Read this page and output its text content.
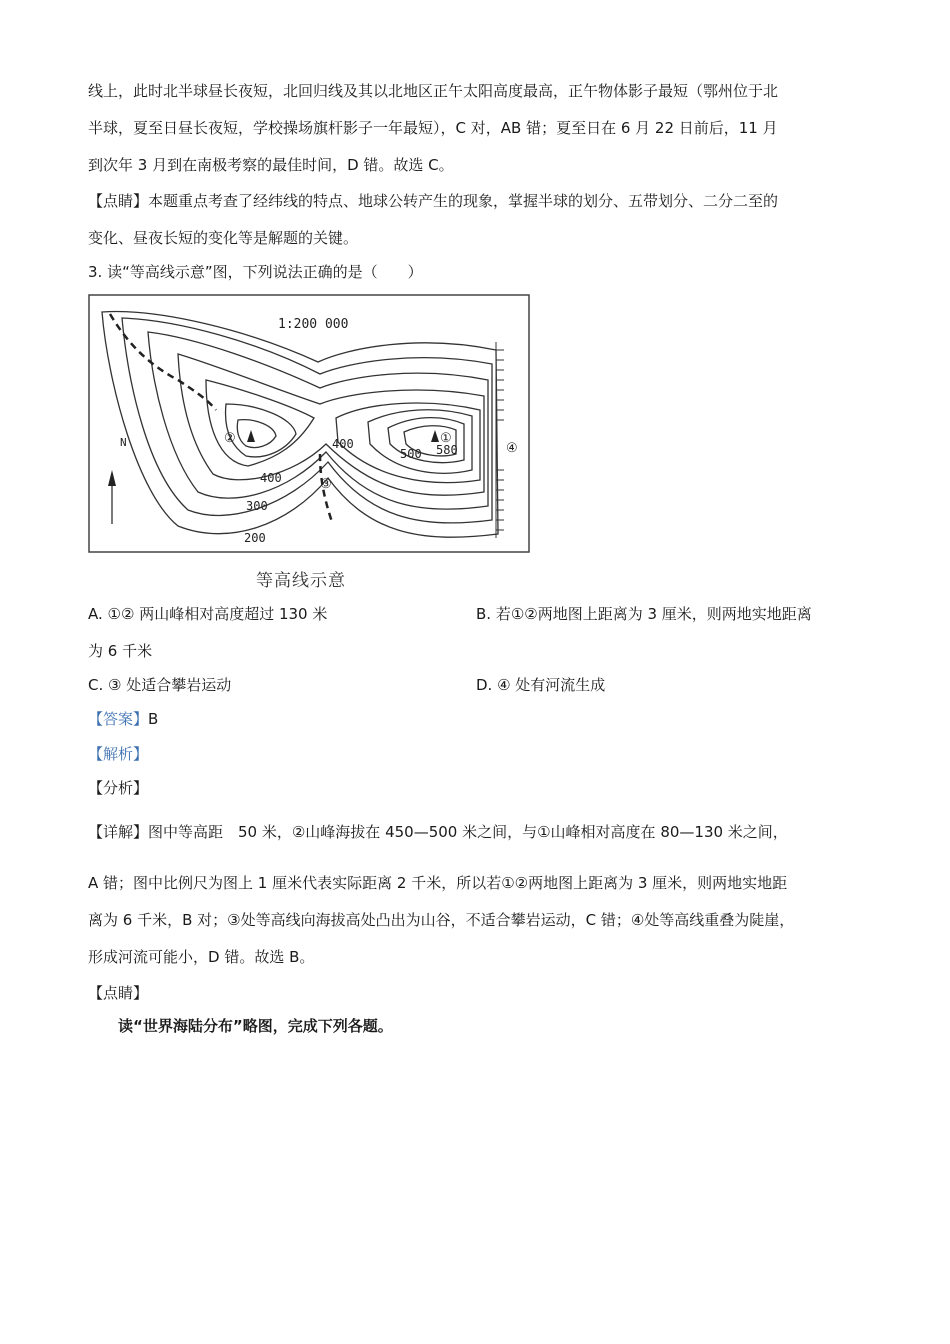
线上，此时北半球昼长夜短，北回归线及其以北地区正午太阳高度最高，正午物体影子最短（鄂州位于北
半球，夏至日昼长夜短，学校操场旗杆影子一年最短），C 对，AB 错；夏至日在 6 月 22 日前后，11 月
到次年 3 月到在南极考察的最佳时间，D 错。故选 C。
【点睛】本题重点考查了经纬线的特点、地球公转产生的现象，掌握半球的划分、五带划分、二分二至的
变化、昼夜长短的变化等是解题的关键。
3. 读“等高线示意”图，下列说法正确的是（　　）
1:200 000
N	②	①
③
④
400
400
300
200
500 580
等高线示意
A. ①② 两山峰相对高度超过 130 米	B. 若①②两地图上距离为 3 厘米，则两地实地距离
为 6 千米
C. ③ 处适合攀岩运动	D. ④ 处有河流生成
【答案】B
【解析】
【分析】
【详解】图中等高距　50 米，②山峰海拔在 450—500 米之间，与①山峰相对高度在 80—130 米之间，
A 错；图中比例尺为图上 1 厘米代表实际距离 2 千米，所以若①②两地图上距离为 3 厘米，则两地实地距
离为 6 千米，B 对；③处等高线向海拔高处凸出为山谷，不适合攀岩运动，C 错；④处等高线重叠为陡崖，
形成河流可能小，D 错。故选 B。
【点睛】
读“世界海陆分布”略图，完成下列各题。
